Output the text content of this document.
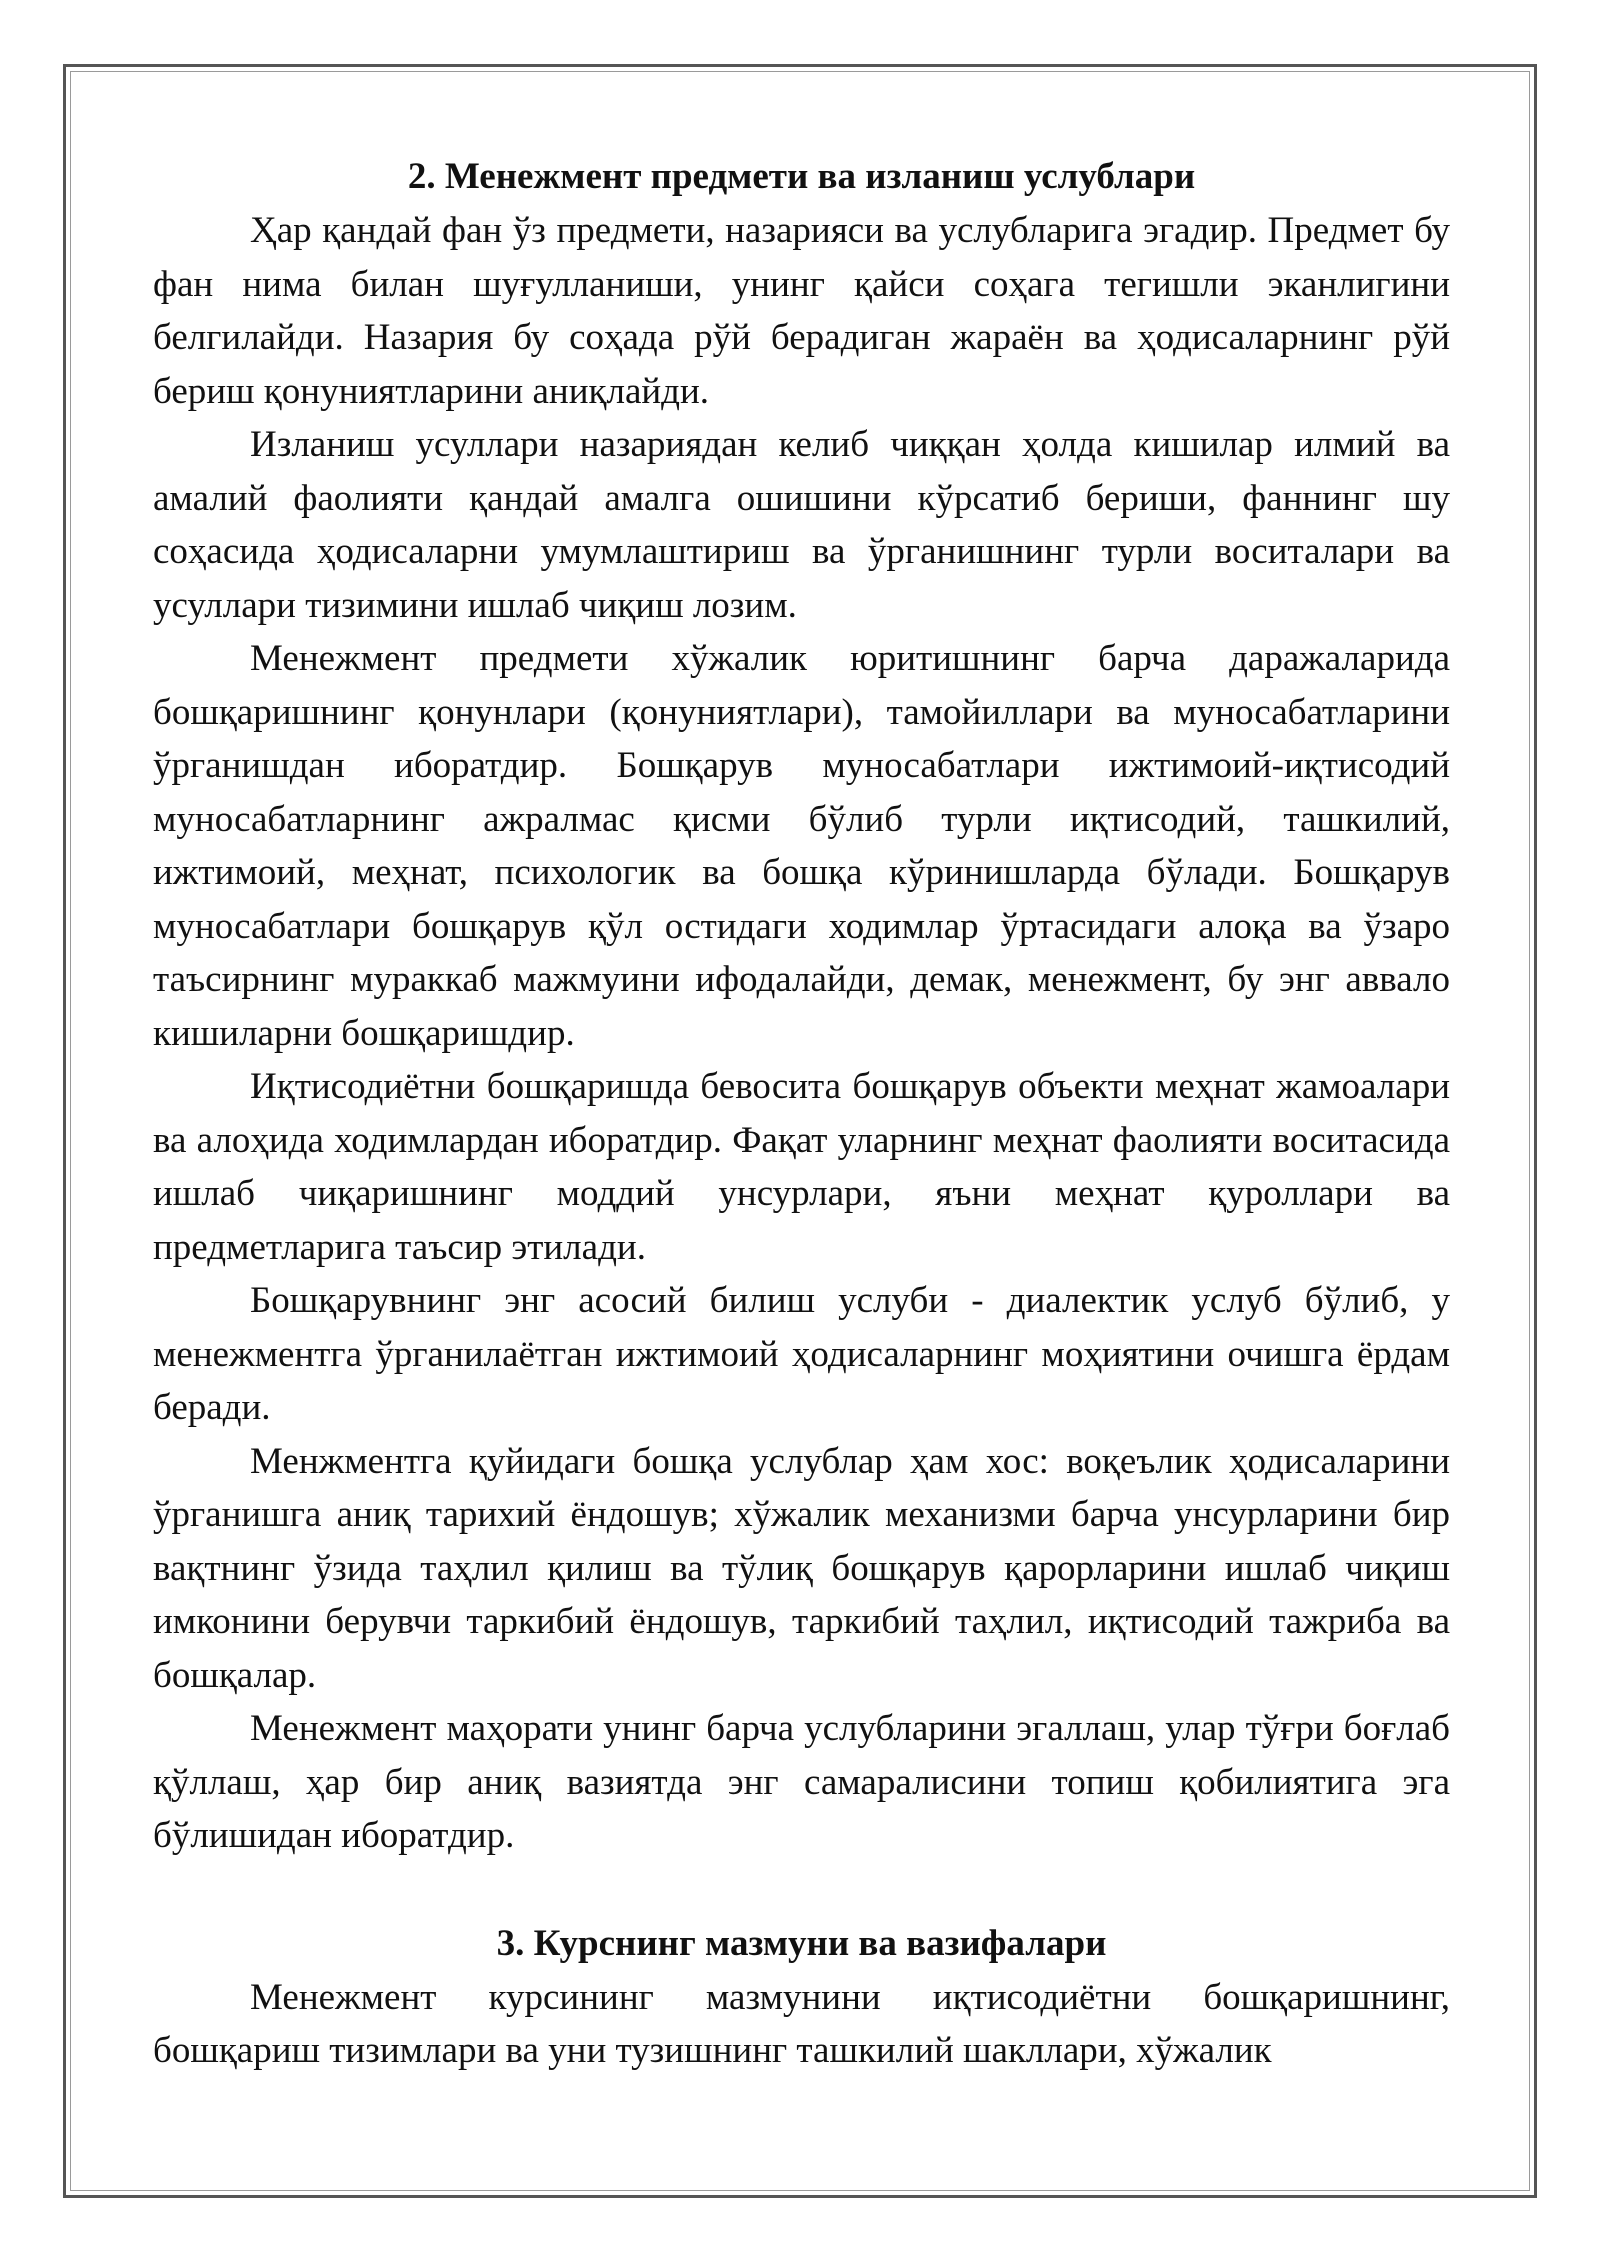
2. Менежмент предмети ва изланиш услублари

Ҳар қандай фан ўз предмети, назарияси ва услубларига эгадир. Предмет бу фан нима билан шуғулланиши, унинг қайси соҳага тегишли эканлигини белгилайди. Назария бу соҳада рўй берадиган жараён ва ҳодисаларнинг рўй бериш қонуниятларини аниқлайди.

Изланиш усуллари назариядан келиб чиққан ҳолда кишилар илмий ва амалий фаолияти қандай амалга ошишини кўрсатиб бериши, фаннинг шу соҳасида ҳодисаларни умумлаштириш ва ўрганишнинг турли воситалари ва усуллари тизимини ишлаб чиқиш лозим.

Менежмент предмети хўжалик юритишнинг барча даражаларида бошқаришнинг қонунлари (қонуниятлари), тамойиллари ва муносабатларини ўрганишдан иборатдир. Бошқарув муносабатлари ижтимоий-иқтисодий муносабатларнинг ажралмас қисми бўлиб турли иқтисодий, ташкилий, ижтимоий, меҳнат, психологик ва бошқа кўринишларда бўлади. Бошқарув муносабатлари бошқарув қўл остидаги ходимлар ўртасидаги алоқа ва ўзаро таъсирнинг мураккаб мажмуини ифодалайди, демак, менежмент, бу энг аввало кишиларни бошқаришдир.

Иқтисодиётни бошқаришда бевосита бошқарув объекти меҳнат жамоалари ва алоҳида ходимлардан иборатдир. Фақат уларнинг меҳнат фаолияти воситасида ишлаб чиқаришнинг моддий унсурлари, яъни меҳнат қуроллари ва предметларига таъсир этилади.

Бошқарувнинг энг асосий билиш услуби - диалектик услуб бўлиб, у менежментга ўрганилаётган ижтимоий ҳодисаларнинг моҳиятини очишга ёрдам беради.

Менжментга қуйидаги бошқа услублар ҳам хос: воқеълик ҳодисаларини ўрганишга аниқ тарихий ёндошув; хўжалик механизми барча унсурларини бир вақтнинг ўзида таҳлил қилиш ва тўлиқ бошқарув қарорларини ишлаб чиқиш имконини берувчи таркибий ёндошув, таркибий таҳлил, иқтисодий тажриба ва бошқалар.

Менежмент маҳорати унинг барча услубларини эгаллаш, улар тўғри боғлаб қўллаш, ҳар бир аниқ вазиятда энг самаралисини топиш қобилиятига эга бўлишидан иборатдир.

3. Курснинг мазмуни ва вазифалари

Менежмент курсининг мазмунини иқтисодиётни бошқаришнинг, бошқариш тизимлари ва уни тузишнинг ташкилий шакллари, хўжалик
